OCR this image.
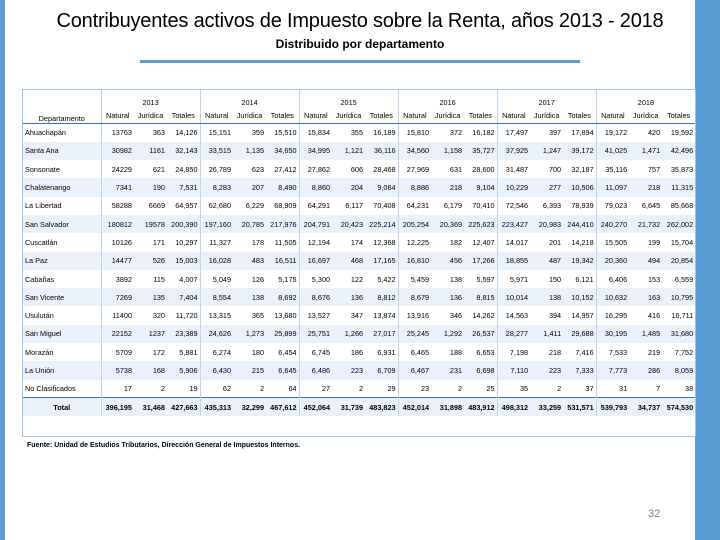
Contribuyentes activos de Impuesto sobre la Renta, años 2013 - 2018
Distribuido por departamento
Departamento	2013			2014			2015			2016			2017			2018		
	Natural	Jurídica	Totales	Natural	Jurídica	Totales	Natural	Jurídica	Totales	Natural	Jurídica	Totales	Natural	Jurídica	Totales	Natural	Jurídica	Totales
Ahuachapán	13763	363	14,126	15,151	359	15,510	15,834	355	16,189	15,810	372	16,182	17,497	397	17,894	19,172	420	19,592
Santa Ana	30982	1161	32,143	33,515	1,135	34,650	34,995	1,121	36,116	34,560	1,158	35,727	37,925	1,247	39,172	41,025	1,471	42,496
Sonsonate	24229	621	24,850	26,789	623	27,412	27,862	606	28,468	27,969	631	28,600	31,487	700	32,187	35,116	757	35,873
Chalatenango	7341	190	7,531	8,283	207	8,490	8,860	204	9,064	8,886	218	9,104	10,229	277	10,506	11,097	218	11,315
La Libertad	58288	6669	64,957	62,680	6,229	68,909	64,291	6,117	70,408	64,231	6,179	70,410	72,546	6,393	78,939	79,023	6,645	85,668
San Salvador	180812	19578	200,390	197,160	20,785	217,976	204,791	20,423	225,214	205,254	20,369	225,623	223,427	20,983	244,410	240,270	21,732	262,002
Cuscatlán	10126	171	10,297	11,327	178	11,505	12,194	174	12,368	12,225	182	12,407	14,017	201	14,218	15,505	199	15,704
La Paz	14477	526	15,003	16,028	483	16,511	16,697	468	17,165	16,810	456	17,266	18,855	487	19,342	20,360	494	20,854
Cabañas	3892	115	4,007	5,049	126	5,175	5,300	122	5,422	5,459	138	5,597	5,971	150	6,121	6,406	153	6,559
San Vicente	7269	135	7,404	8,554	138	8,692	8,676	136	8,812	8,679	136	8,815	10,014	138	10,152	10,632	163	10,795
Usulután	11400	320	11,720	13,315	365	13,680	13,527	347	13,874	13,916	346	14,262	14,563	394	14,957	16,295	416	16,711
San Miguel	22152	1237	23,389	24,626	1,273	25,899	25,751	1,266	27,017	25,245	1,292	26,537	28,277	1,411	29,688	30,195	1,485	31,680
Morazán	5709	172	5,881	6,274	180	6,454	6,745	186	6,931	6,465	188	6,653	7,198	218	7,416	7,533	219	7,752
La Unión	5738	168	5,906	6,430	215	6,645	6,486	223	6,709	6,467	231	6,698	7,110	223	7,333	7,773	286	8,059
No Clasificados	17	2	19	62	2	64	27	2	29	23	2	25	35	2	37	31	7	38
Total	396,195	31,468	427,663	435,313	32,299	467,612	452,064	31,739	483,823	452,014	31,898	483,912	498,312	33,259	531,571	539,793	34,737	574,530
Fuente: Unidad de Estudios Tributarios, Dirección General de Impuestos Internos.
32
